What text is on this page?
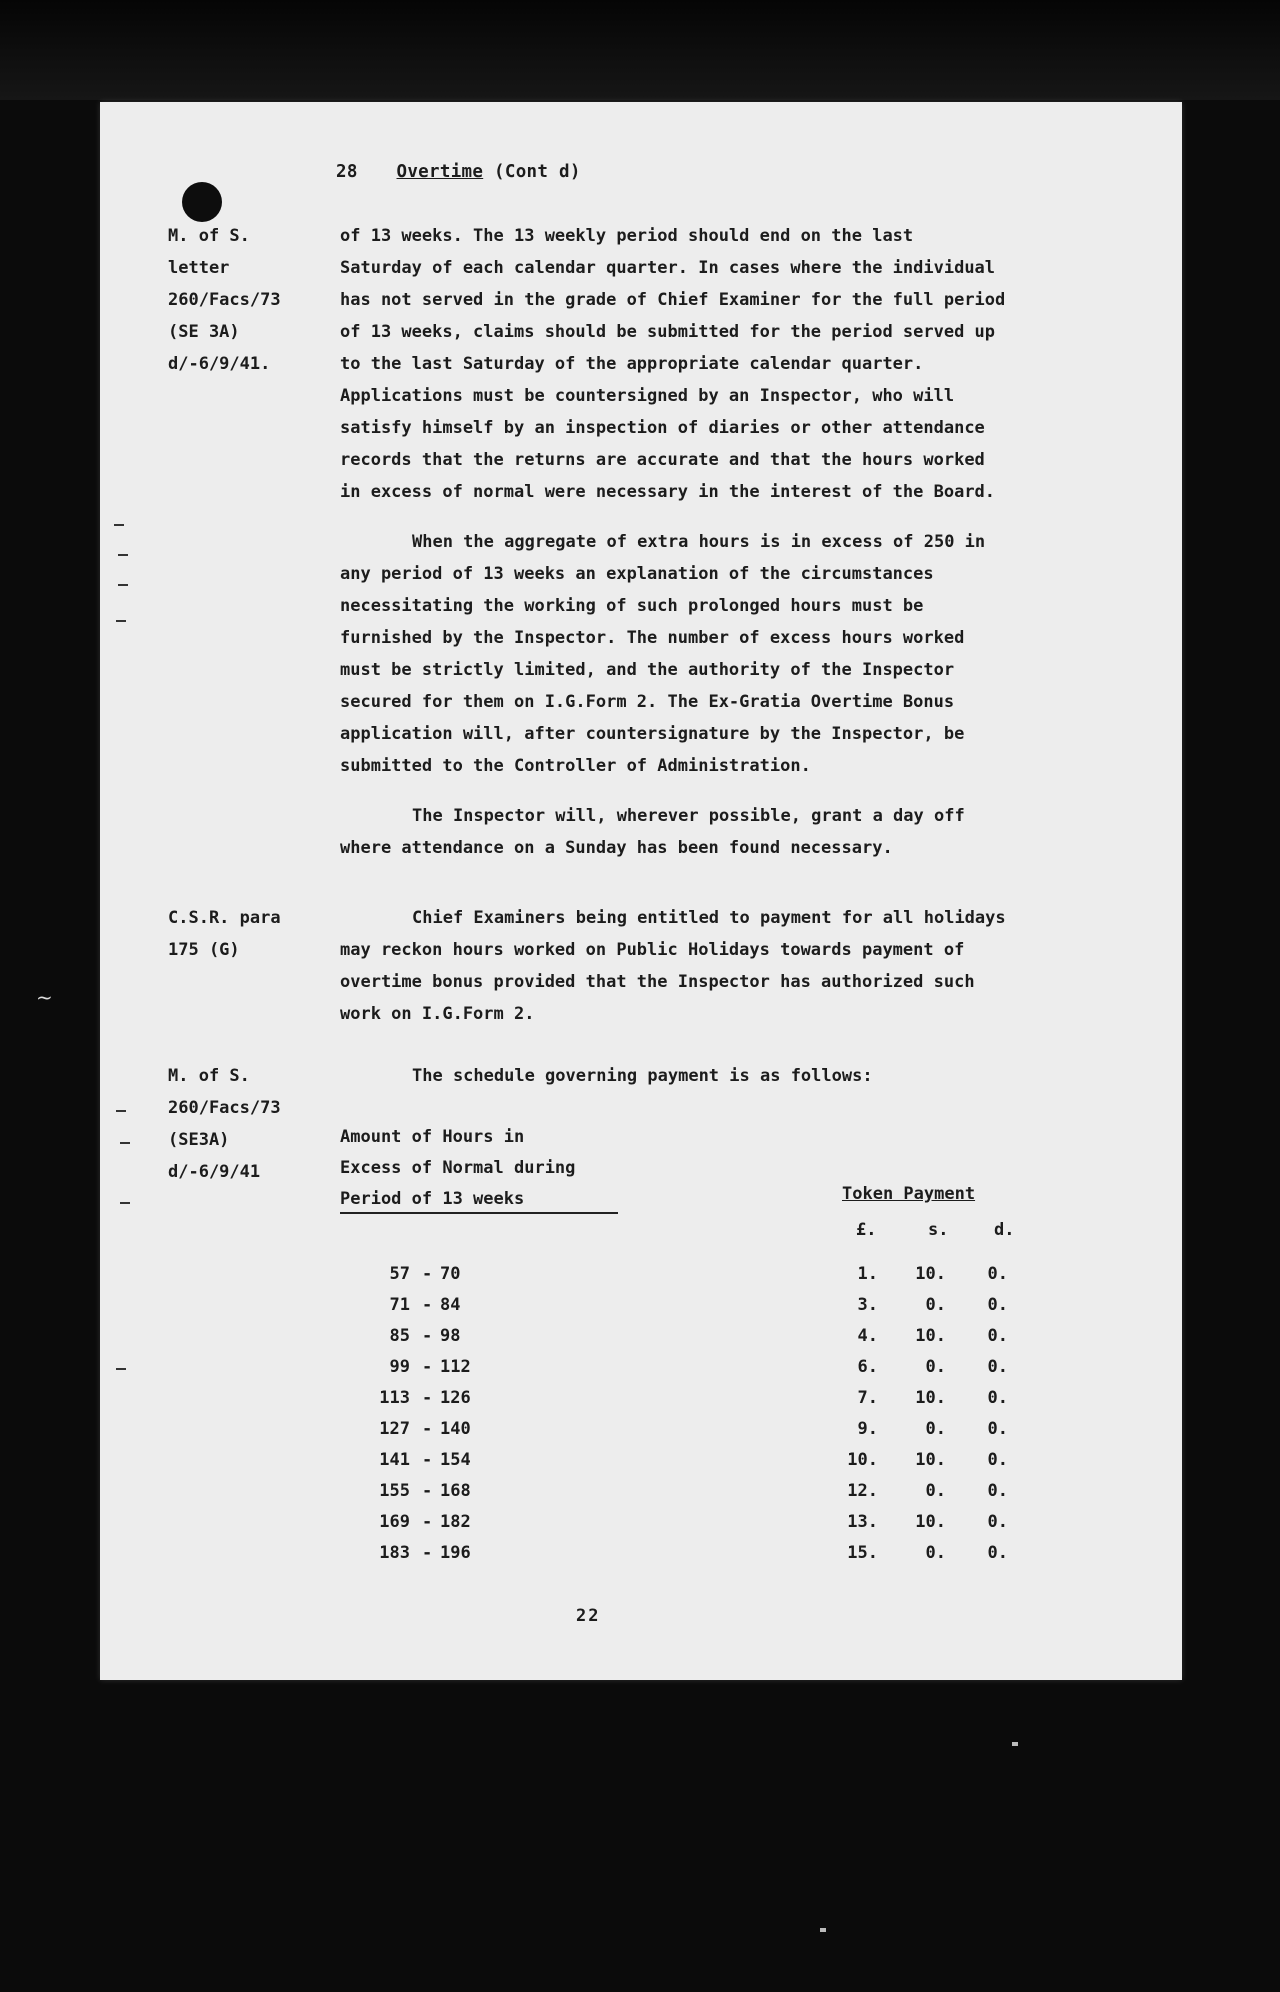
28 Overtime (Cont d)
M. of S.
letter
260/Facs/73
(SE 3A)
d/-6/9/41.
C.S.R. para
175 (G)
M. of S.
260/Facs/73
(SE3A)
d/-6/9/41

of 13 weeks. The 13 weekly period should end on the last

Saturday of each calendar quarter. In cases where the individual

has not served in the grade of Chief Examiner for the full period

of 13 weeks, claims should be submitted for the period served up

to the last Saturday of the appropriate calendar quarter.

Applications must be countersigned by an Inspector, who will

satisfy himself by an inspection of diaries or other attendance

records that the returns are accurate and that the hours worked

in excess of normal were necessary in the interest of the Board.

When the aggregate of extra hours is in excess of 250 in

any period of 13 weeks an explanation of the circumstances

necessitating the working of such prolonged hours must be

furnished by the Inspector. The number of excess hours worked

must be strictly limited, and the authority of the Inspector

secured for them on I.G.Form 2. The Ex-Gratia Overtime Bonus

application will, after countersignature by the Inspector, be

submitted to the Controller of Administration.

The Inspector will, wherever possible, grant a day off

where attendance on a Sunday has been found necessary.

Chief Examiners being entitled to payment for all holidays

may reckon hours worked on Public Holidays towards payment of

overtime bonus provided that the Inspector has authorized such

work on I.G.Form 2.

The schedule governing payment is as follows:

Amount of Hours in
Excess of Normal during
Period of 13 weeks	Token Payment
£.	s.	d.
57 - 70	1.	10.	0.
71 - 84	3.	0.	0.
85 - 98	4.	10.	0.
99 - 112	6.	0.	0.
113 - 126	7.	10.	0.
127 - 140	9.	0.	0.
141 - 154	10.	10.	0.
155 - 168	12.	0.	0.
169 - 182	13.	10.	0.
183 - 196	15.	0.	0.
22
~
